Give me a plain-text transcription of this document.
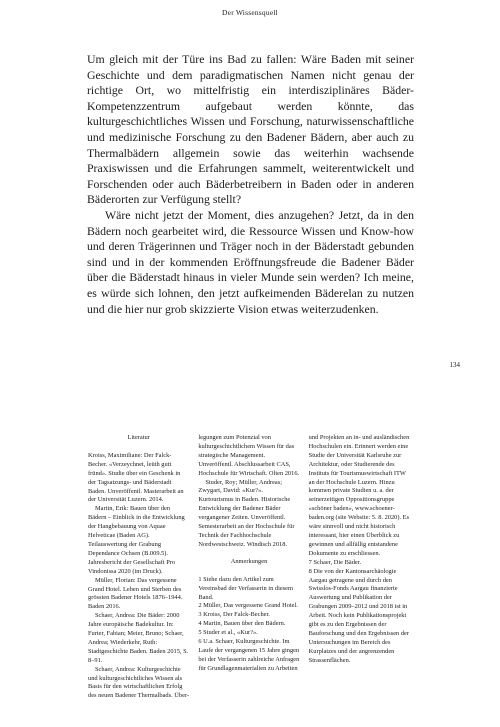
Der Wissensquell

Um gleich mit der Türe ins Bad zu fallen: Wäre Baden mit seiner Geschichte und dem paradigmatischen Namen nicht genau der richtige Ort, wo mittelfristig ein interdisziplinäres Bäder-Kompetenzzentrum aufgebaut werden könnte, das kulturgeschichtliches Wissen und Forschung, naturwissenschaftliche und medizinische Forschung zu den Badener Bädern, aber auch zu Thermalbädern allgemein sowie das weiterhin wachsende Praxiswissen und die Erfahrungen sammelt, weiterentwickelt und Forschenden oder auch Bäderbetreibern in Baden oder in anderen Bäderorten zur Verfügung stellt?

Wäre nicht jetzt der Moment, dies anzugehen? Jetzt, da in den Bädern noch gearbeitet wird, die Ressource Wissen und Know-how und deren Trägerinnen und Träger noch in der Bäderstadt gebunden sind und in der kommenden Eröffnungsfreude die Badener Bäder über die Bäderstadt hinaus in vieler Munde sein werden? Ich meine, es würde sich lohnen, den jetzt aufkeimenden Bäderelan zu nutzen und die hier nur grob skizzierte Vision etwas weiterzudenken.

134
Literatur

Kroiss, Maximiliane: Der Falck-Becher. «Verzeychnet, leüth gutt fründ». Studie über ein Geschenk in der Tagsatzungs- und Bäderstadt Baden. Unveröffentl. Masterarbeit an der Universität Luzern. 2014.

Martin, Erik: Bauen über den Bädern – Einblick in die Entwicklung der Hangbebauung von Aquae Helveticae (Baden AG). Teilauswertung der Grabung Dependance Ochsen (B.009.5). Jahresbericht der Gesellschaft Pro Vindonissa 2020 (im Druck).

Müller, Florian: Das vergessene Grand Hotel. Leben und Sterben des grössten Badener Hotels 1876–1944. Baden 2016.

Schaer, Andrea: Die Bäder: 2000 Jahre europäische Badekultur. In: Furter, Fabian; Meier, Bruno; Schaer, Andrea; Wiederkehr, Ruth: Stadtgeschichte Baden. Baden 2015, S. 8–91.

Schaer, Andrea: Kulturgeschichte und kulturgeschichtliches Wissen als Basis für den wirtschaftlichen Erfolg des neuen Badener Thermalbads. Über-

legungen zum Potenzial von kulturgeschichtlichem Wissen für das strategische Management. Unveröffentl. Abschlussarbeit CAS, Hochschule für Wirtschaft. Olten 2016.

Studer, Roy; Müller, Andreas; Zwygart, David: «Kur?». Kurtourismus in Baden. Historische Entwicklung der Badener Bäder vergangener Zeiten. Unveröffentl. Semesterarbeit an der Hochschule für Technik der Fachhochschule Nordwestschweiz. Windisch 2018.

Anmerkungen

1 Siehe dazu den Artikel zum Vereinsbad der Verfasserin in diesem Band.

2 Müller, Das vergessene Grand Hotel.

3 Kroiss, Der Falck-Becher.

4 Martin, Bauen über den Bädern.

5 Studer et al., «Kur?».

6 U.a. Schaer, Kulturgeschichte. Im Laufe der vergangenen 15 Jahre gingen bei der Verfasserin zahlreiche Anfragen für Grundlagenmaterialien zu Arbeiten

und Projekten an in- und ausländischen Hochschulen ein. Erinnert werden eine Studie der Universität Karlsruhe zur Architektur, oder Studierende des Instituts für Tourismuswirtschaft ITW an der Hochschule Luzern. Hinzu kommen private Studien u. a. der seinerzeitigen Oppositionsgruppe «schöner baden», www.schoener-baden.org (site Website: 5. 8. 2020). Es wäre sinnvoll und nicht historisch interessant, hier einen Überblick zu gewinnen und allfällig entstandene Dokumente zu erschliessen.

7 Schaer, Die Bäder.

8 Die von der Kantonsarchäologie Aargau getragene und durch den Swisslos-Fonds Aargau finanzierte Auswertung und Publikation der Grabungen 2009–2012 und 2018 ist in Arbeit. Noch kein Publikationsprojekt gibt es zu den Ergebnissen der Bauforschung und den Ergebnissen der Untersuchungen im Bereich des Kurplatzes und der angrenzenden Strassenflächen.
